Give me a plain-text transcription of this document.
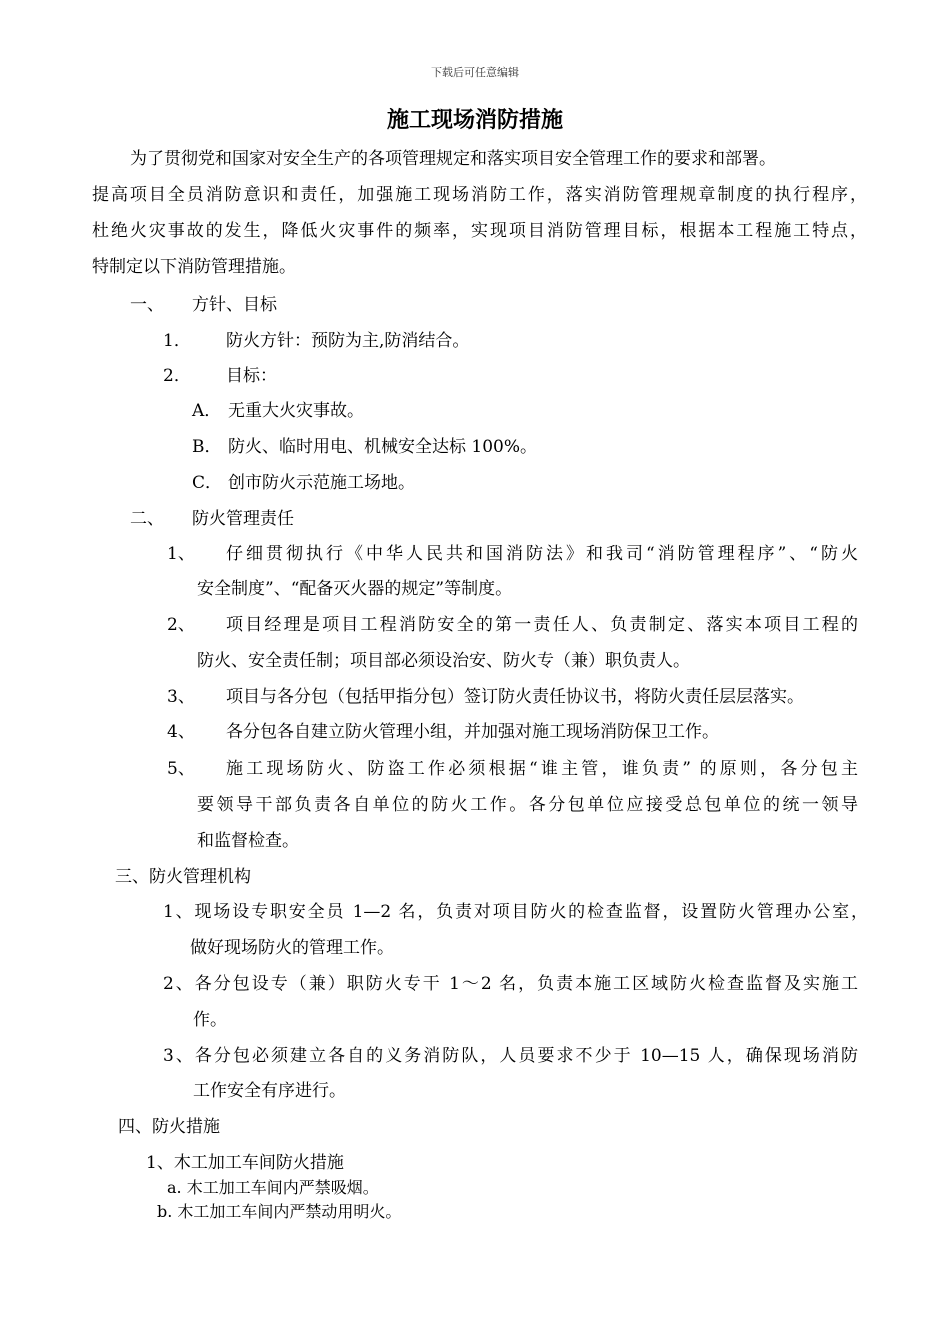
下载后可任意编辑
施工现场消防措施
为了贯彻党和国家对安全生产的各项管理规定和落实项目安全管理工作的要求和部署。
提高项目全员消防意识和责任，加强施工现场消防工作，落实消防管理规章制度的执行程序，
杜绝火灾事故的发生，降低火灾事件的频率，实现项目消防管理目标，根据本工程施工特点，
特制定以下消防管理措施。
一、 方针、目标
1． 防火方针：预防为主,防消结合。
2． 目标：
A． 无重大火灾事故。
B． 防火、临时用电、机械安全达标 100%。
C． 创市防火示范施工场地。
二、 防火管理责任
1、 仔细贯彻执行《中华人民共和国消防法》和我司“消防管理程序”、“防火
安全制度”、“配备灭火器的规定”等制度。
2、 项目经理是项目工程消防安全的第一责任人、负责制定、落实本项目工程的
防火、安全责任制；项目部必须设治安、防火专（兼）职负责人。
3、 项目与各分包（包括甲指分包）签订防火责任协议书，将防火责任层层落实。
4、 各分包各自建立防火管理小组，并加强对施工现场消防保卫工作。
5、 施工现场防火、防盗工作必须根据“谁主管，谁负责” 的原则，各分包主
要领导干部负责各自单位的防火工作。各分包单位应接受总包单位的统一领导
和监督检查。
三、防火管理机构
1、现场设专职安全员 1—2 名，负责对项目防火的检查监督，设置防火管理办公室，
做好现场防火的管理工作。
2、各分包设专（兼）职防火专干 1～2 名，负责本施工区域防火检查监督及实施工
作。
3、各分包必须建立各自的义务消防队，人员要求不少于 10—15 人，确保现场消防
工作安全有序进行。
四、防火措施
1、木工加工车间防火措施
a. 木工加工车间内严禁吸烟。
b. 木工加工车间内严禁动用明火。
